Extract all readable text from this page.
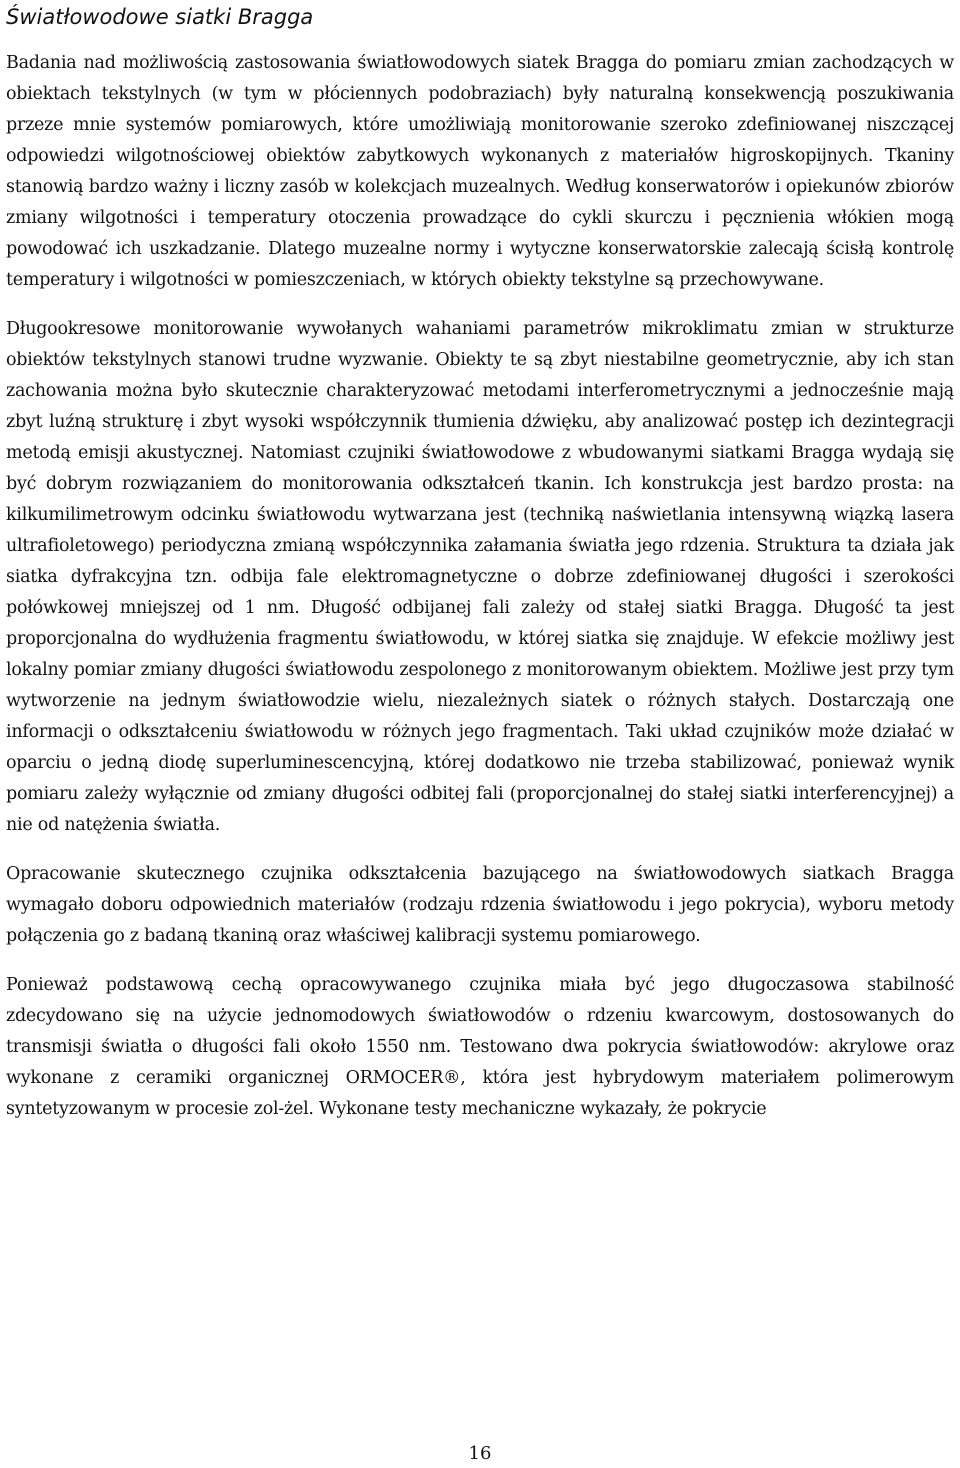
Światłowodowe siatki Bragga

Badania nad możliwością zastosowania światłowodowych siatek Bragga do pomiaru zmian zachodzących w obiektach tekstylnych (w tym w płóciennych podobraziach) były naturalną konsekwencją poszukiwania przeze mnie systemów pomiarowych, które umożliwiają monitorowanie szeroko zdefiniowanej niszczącej odpowiedzi wilgotnościowej obiektów zabytkowych wykonanych z materiałów higroskopijnych. Tkaniny stanowią bardzo ważny i liczny zasób w kolekcjach muzealnych. Według konserwatorów i opiekunów zbiorów zmiany wilgotności i temperatury otoczenia prowadzące do cykli skurczu i pęcznienia włókien mogą powodować ich uszkadzanie. Dlatego muzealne normy i wytyczne konserwatorskie zalecają ścisłą kontrolę temperatury i wilgotności w pomieszczeniach, w których obiekty tekstylne są przechowywane.

Długookresowe monitorowanie wywołanych wahaniami parametrów mikroklimatu zmian w strukturze obiektów tekstylnych stanowi trudne wyzwanie. Obiekty te są zbyt niestabilne geometrycznie, aby ich stan zachowania można było skutecznie charakteryzować metodami interferometrycznymi a jednocześnie mają zbyt luźną strukturę i zbyt wysoki współczynnik tłumienia dźwięku, aby analizować postęp ich dezintegracji metodą emisji akustycznej. Natomiast czujniki światłowodowe z wbudowanymi siatkami Bragga wydają się być dobrym rozwiązaniem do monitorowania odkształceń tkanin. Ich konstrukcja jest bardzo prosta: na kilkumilimetrowym odcinku światłowodu wytwarzana jest (techniką naświetlania intensywną wiązką lasera ultrafioletowego) periodyczna zmianą współczynnika załamania światła jego rdzenia. Struktura ta działa jak siatka dyfrakcyjna tzn. odbija fale elektromagnetyczne o dobrze zdefiniowanej długości i szerokości połówkowej mniejszej od 1 nm. Długość odbijanej fali zależy od stałej siatki Bragga. Długość ta jest proporcjonalna do wydłużenia fragmentu światłowodu, w której siatka się znajduje. W efekcie możliwy jest lokalny pomiar zmiany długości światłowodu zespolonego z monitorowanym obiektem. Możliwe jest przy tym wytworzenie na jednym światłowodzie wielu, niezależnych siatek o różnych stałych. Dostarczają one informacji o odkształceniu światłowodu w różnych jego fragmentach. Taki układ czujników może działać w oparciu o jedną diodę superluminescencyjną, której dodatkowo nie trzeba stabilizować, ponieważ wynik pomiaru zależy wyłącznie od zmiany długości odbitej fali (proporcjonalnej do stałej siatki interferencyjnej) a nie od natężenia światła.

Opracowanie skutecznego czujnika odkształcenia bazującego na światłowodowych siatkach Bragga wymagało doboru odpowiednich materiałów (rodzaju rdzenia światłowodu i jego pokrycia), wyboru metody połączenia go z badaną tkaniną oraz właściwej kalibracji systemu pomiarowego.

Ponieważ podstawową cechą opracowywanego czujnika miała być jego długoczasowa stabilność zdecydowano się na użycie jednomodowych światłowodów o rdzeniu kwarcowym, dostosowanych do transmisji światła o długości fali około 1550 nm. Testowano dwa pokrycia światłowodów: akrylowe oraz wykonane z ceramiki organicznej ORMOCER®, która jest hybrydowym materiałem polimerowym syntetyzowanym w procesie zol-żel. Wykonane testy mechaniczne wykazały, że pokrycie

16
